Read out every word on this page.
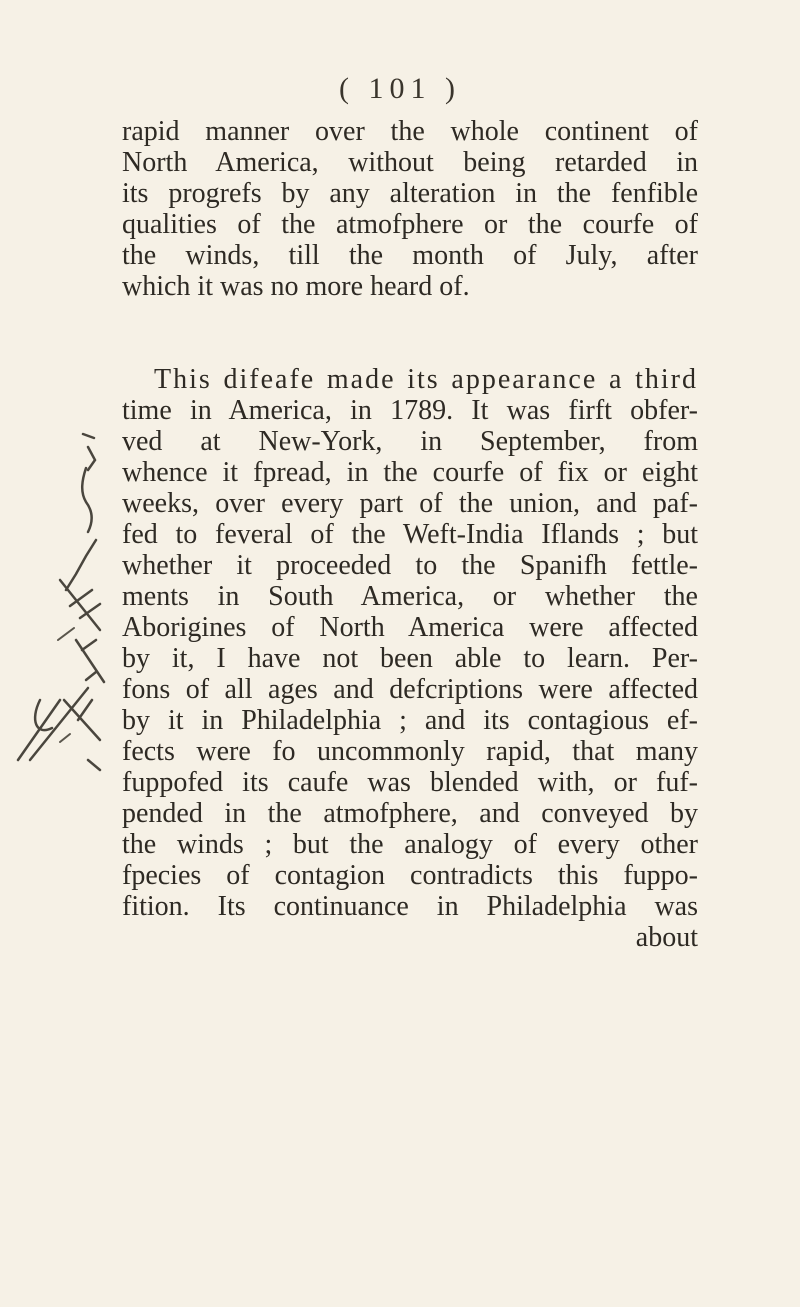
( 101 )
rapid manner over the whole continent of
North America, without being retarded in
its progrefs by any alteration in the fenfible
qualities of the atmofphere or the courfe of
the winds, till the month of July, after
which it was no more heard of.
This difeafe made its appearance a third
time in America, in 1789. It was firft obfer-
ved at New-York, in September, from
whence it fpread, in the courfe of fix or eight
weeks, over every part of the union, and paf-
fed to feveral of the Weft-India Iflands ; but
whether it proceeded to the Spanifh fettle-
ments in South America, or whether the
Aborigines of North America were affected
by it, I have not been able to learn. Per-
fons of all ages and defcriptions were affected
by it in Philadelphia ; and its contagious ef-
fects were fo uncommonly rapid, that many
fuppofed its caufe was blended with, or fuf-
pended in the atmofphere, and conveyed by
the winds ; but the analogy of every other
fpecies of contagion contradicts this fuppo-
fition. Its continuance in Philadelphia was
about
